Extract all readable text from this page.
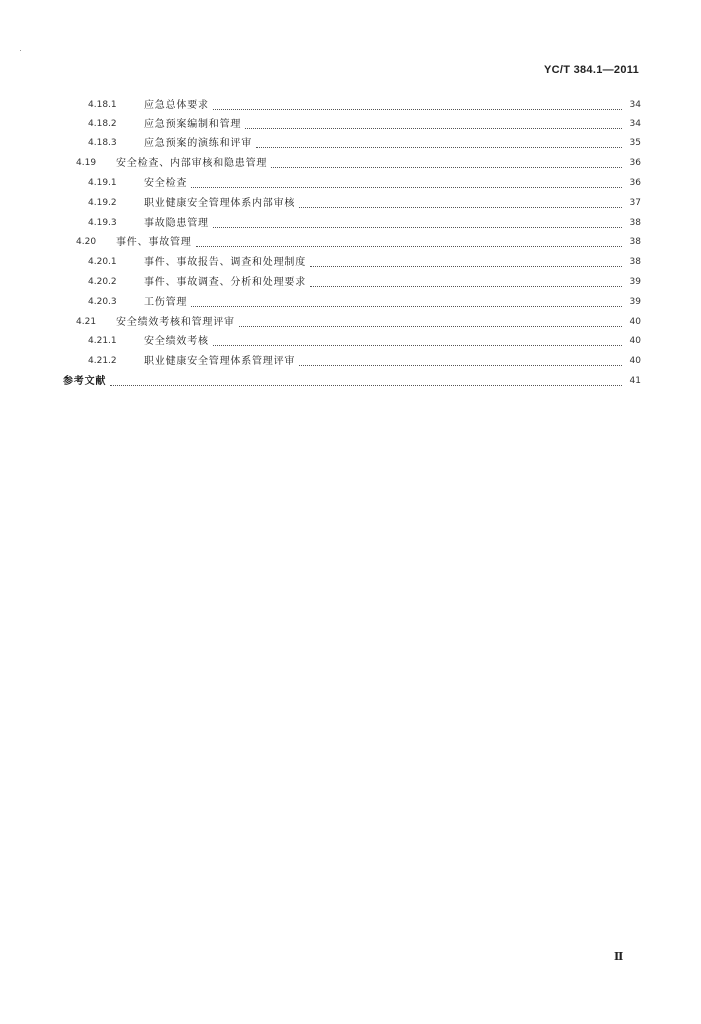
YC/T 384.1—2011
4.18.1	应急总体要求	34
4.18.2	应急预案编制和管理	34
4.18.3	应急预案的演练和评审	35
4.19	安全检查、内部审核和隐患管理	36
4.19.1	安全检查	36
4.19.2	职业健康安全管理体系内部审核	37
4.19.3	事故隐患管理	38
4.20	事件、事故管理	38
4.20.1	事件、事故报告、调查和处理制度	38
4.20.2	事件、事故调查、分析和处理要求	39
4.20.3	工伤管理	39
4.21	安全绩效考核和管理评审	40
4.21.1	安全绩效考核	40
4.21.2	职业健康安全管理体系管理评审	40
参考文献	41
Ⅱ
